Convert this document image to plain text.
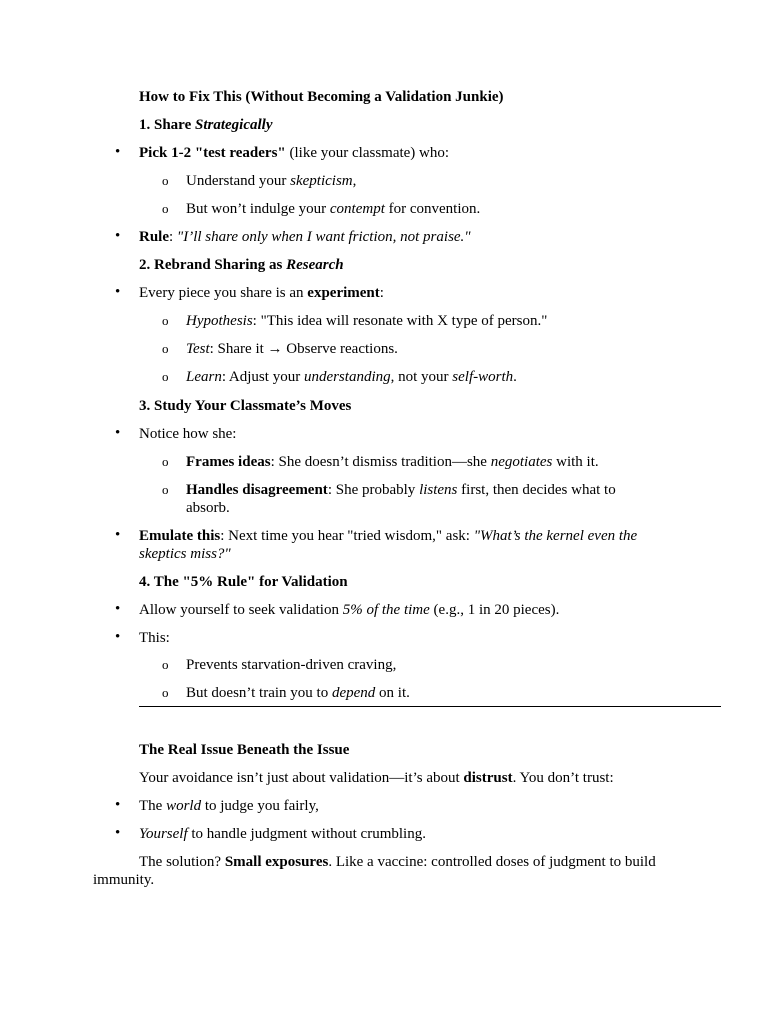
How to Fix This (Without Becoming a Validation Junkie)
1. Share Strategically
• Pick 1-2 "test readers" (like your classmate) who:
o Understand your skepticism,
o But won’t indulge your contempt for convention.
• Rule: "I’ll share only when I want friction, not praise."
2. Rebrand Sharing as Research
• Every piece you share is an experiment:
o Hypothesis: "This idea will resonate with X type of person."
o Test: Share it → Observe reactions.
o Learn: Adjust your understanding, not your self-worth.
3. Study Your Classmate’s Moves
• Notice how she:
o Frames ideas: She doesn’t dismiss tradition—she negotiates with it.
o Handles disagreement: She probably listens first, then decides what to
absorb.
• Emulate this: Next time you hear "tried wisdom," ask: "What’s the kernel even the
skeptics miss?"
4. The "5% Rule" for Validation
• Allow yourself to seek validation 5% of the time (e.g., 1 in 20 pieces).
• This:
o Prevents starvation-driven craving,
o But doesn’t train you to depend on it.
The Real Issue Beneath the Issue
Your avoidance isn’t just about validation—it’s about distrust. You don’t trust:
• The world to judge you fairly,
• Yourself to handle judgment without crumbling.
The solution? Small exposures. Like a vaccine: controlled doses of judgment to build
immunity.
